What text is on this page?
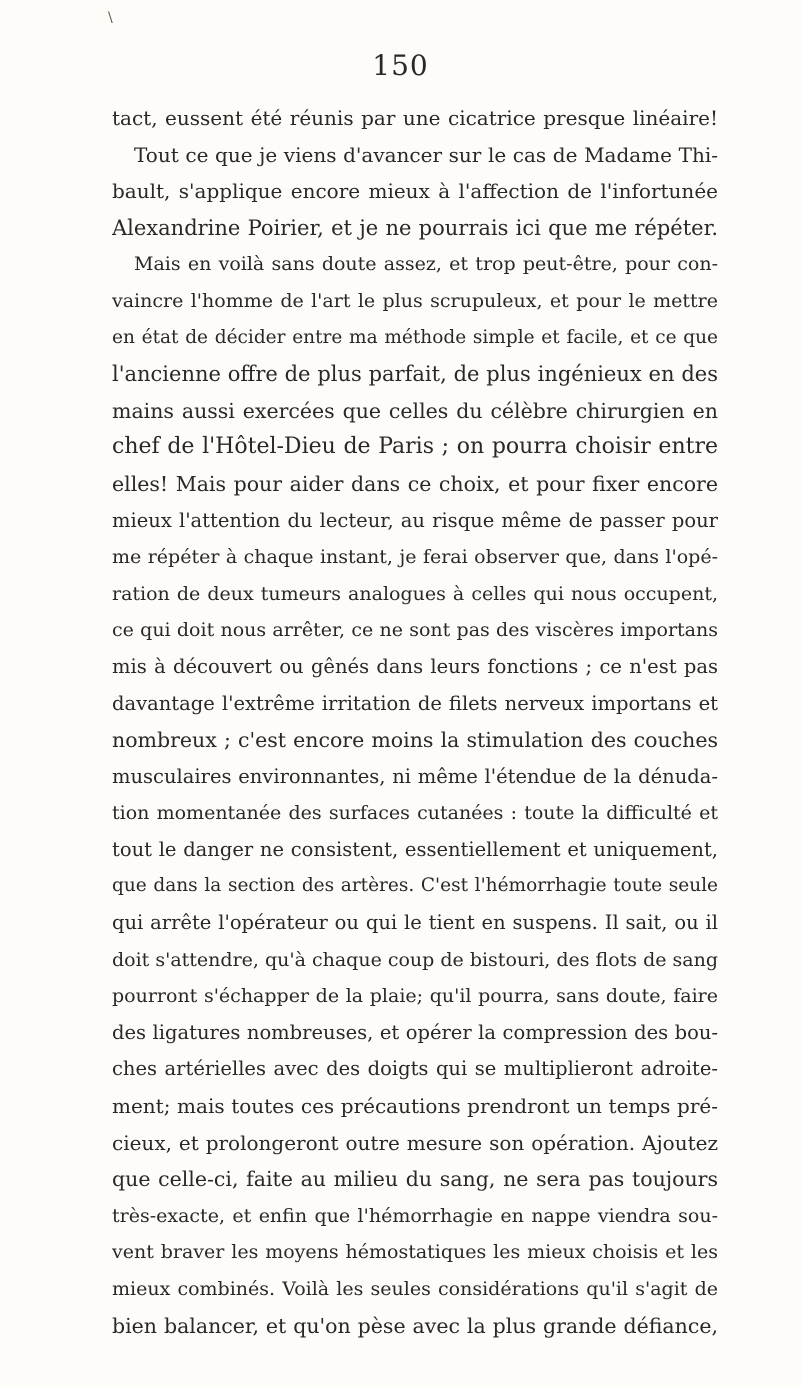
\
150
tact, eussent été réunis par une cicatrice presque linéaire!
Tout ce que je viens d'avancer sur le cas de Madame Thi-
bault, s'applique encore mieux à l'affection de l'infortunée
Alexandrine Poirier, et je ne pourrais ici que me répéter.
Mais en voilà sans doute assez, et trop peut-être, pour con-
vaincre l'homme de l'art le plus scrupuleux, et pour le mettre
en état de décider entre ma méthode simple et facile, et ce que
l'ancienne offre de plus parfait, de plus ingénieux en des
mains aussi exercées que celles du célèbre chirurgien en
chef de l'Hôtel-Dieu de Paris ; on pourra choisir entre
elles! Mais pour aider dans ce choix, et pour fixer encore
mieux l'attention du lecteur, au risque même de passer pour
me répéter à chaque instant, je ferai observer que, dans l'opé-
ration de deux tumeurs analogues à celles qui nous occupent,
ce qui doit nous arrêter, ce ne sont pas des viscères importans
mis à découvert ou gênés dans leurs fonctions ; ce n'est pas
davantage l'extrême irritation de filets nerveux importans et
nombreux ; c'est encore moins la stimulation des couches
musculaires environnantes, ni même l'étendue de la dénuda-
tion momentanée des surfaces cutanées : toute la difficulté et
tout le danger ne consistent, essentiellement et uniquement,
que dans la section des artères. C'est l'hémorrhagie toute seule
qui arrête l'opérateur ou qui le tient en suspens. Il sait, ou il
doit s'attendre, qu'à chaque coup de bistouri, des flots de sang
pourront s'échapper de la plaie; qu'il pourra, sans doute, faire
des ligatures nombreuses, et opérer la compression des bou-
ches artérielles avec des doigts qui se multiplieront adroite-
ment; mais toutes ces précautions prendront un temps pré-
cieux, et prolongeront outre mesure son opération. Ajoutez
que celle-ci, faite au milieu du sang, ne sera pas toujours
très-exacte, et enfin que l'hémorrhagie en nappe viendra sou-
vent braver les moyens hémostatiques les mieux choisis et les
mieux combinés. Voilà les seules considérations qu'il s'agit de
bien balancer, et qu'on pèse avec la plus grande défiance,
